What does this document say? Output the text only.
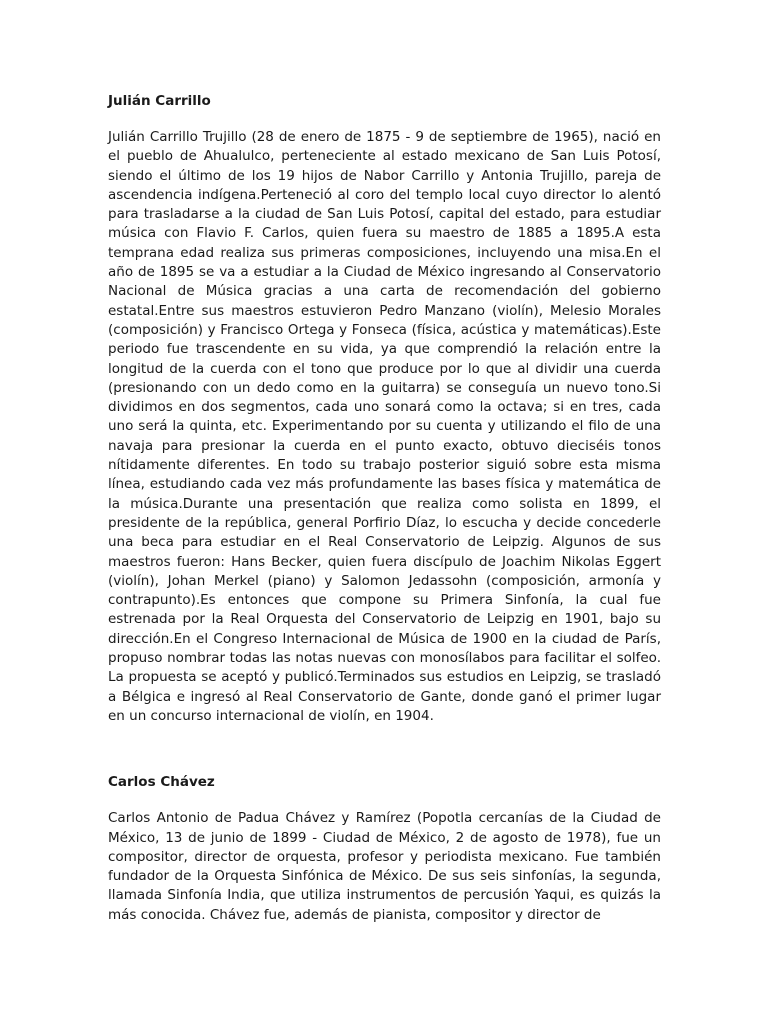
Julián Carrillo

Julián Carrillo Trujillo (28 de enero de 1875 - 9 de septiembre de 1965), nació en el pueblo de Ahualulco, perteneciente al estado mexicano de San Luis Potosí, siendo el último de los 19 hijos de Nabor Carrillo y Antonia Trujillo, pareja de ascendencia indígena.Perteneció al coro del templo local cuyo director lo alentó para trasladarse a la ciudad de San Luis Potosí, capital del estado, para estudiar música con Flavio F. Carlos, quien fuera su maestro de 1885 a 1895.A esta temprana edad realiza sus primeras composiciones, incluyendo una misa.En el año de 1895 se va a estudiar a la Ciudad de México ingresando al Conservatorio Nacional de Música gracias a una carta de recomendación del gobierno estatal.Entre sus maestros estuvieron Pedro Manzano (violín), Melesio Morales (composición) y Francisco Ortega y Fonseca (física, acústica y matemáticas).Este periodo fue trascendente en su vida, ya que comprendió la relación entre la longitud de la cuerda con el tono que produce por lo que al dividir una cuerda (presionando con un dedo como en la guitarra) se conseguía un nuevo tono.Si dividimos en dos segmentos, cada uno sonará como la octava; si en tres, cada uno será la quinta, etc. Experimentando por su cuenta y utilizando el filo de una navaja para presionar la cuerda en el punto exacto, obtuvo dieciséis tonos nítidamente diferentes. En todo su trabajo posterior siguió sobre esta misma línea, estudiando cada vez más profundamente las bases física y matemática de la música.Durante una presentación que realiza como solista en 1899, el presidente de la república, general Porfirio Díaz, lo escucha y decide concederle una beca para estudiar en el Real Conservatorio de Leipzig. Algunos de sus maestros fueron: Hans Becker, quien fuera discípulo de Joachim Nikolas Eggert (violín), Johan Merkel (piano) y Salomon Jedassohn (composición, armonía y contrapunto).Es entonces que compone su Primera Sinfonía, la cual fue estrenada por la Real Orquesta del Conservatorio de Leipzig en 1901, bajo su dirección.En el Congreso Internacional de Música de 1900 en la ciudad de París, propuso nombrar todas las notas nuevas con monosílabos para facilitar el solfeo. La propuesta se aceptó y publicó.Terminados sus estudios en Leipzig, se trasladó a Bélgica e ingresó al Real Conservatorio de Gante, donde ganó el primer lugar en un concurso internacional de violín, en 1904.

Carlos Chávez

Carlos Antonio de Padua Chávez y Ramírez (Popotla cercanías de la Ciudad de México, 13 de junio de 1899 - Ciudad de México, 2 de agosto de 1978), fue un compositor, director de orquesta, profesor y periodista mexicano. Fue también fundador de la Orquesta Sinfónica de México. De sus seis sinfonías, la segunda, llamada Sinfonía India, que utiliza instrumentos de percusión Yaqui, es quizás la más conocida. Chávez fue, además de pianista, compositor y director de
